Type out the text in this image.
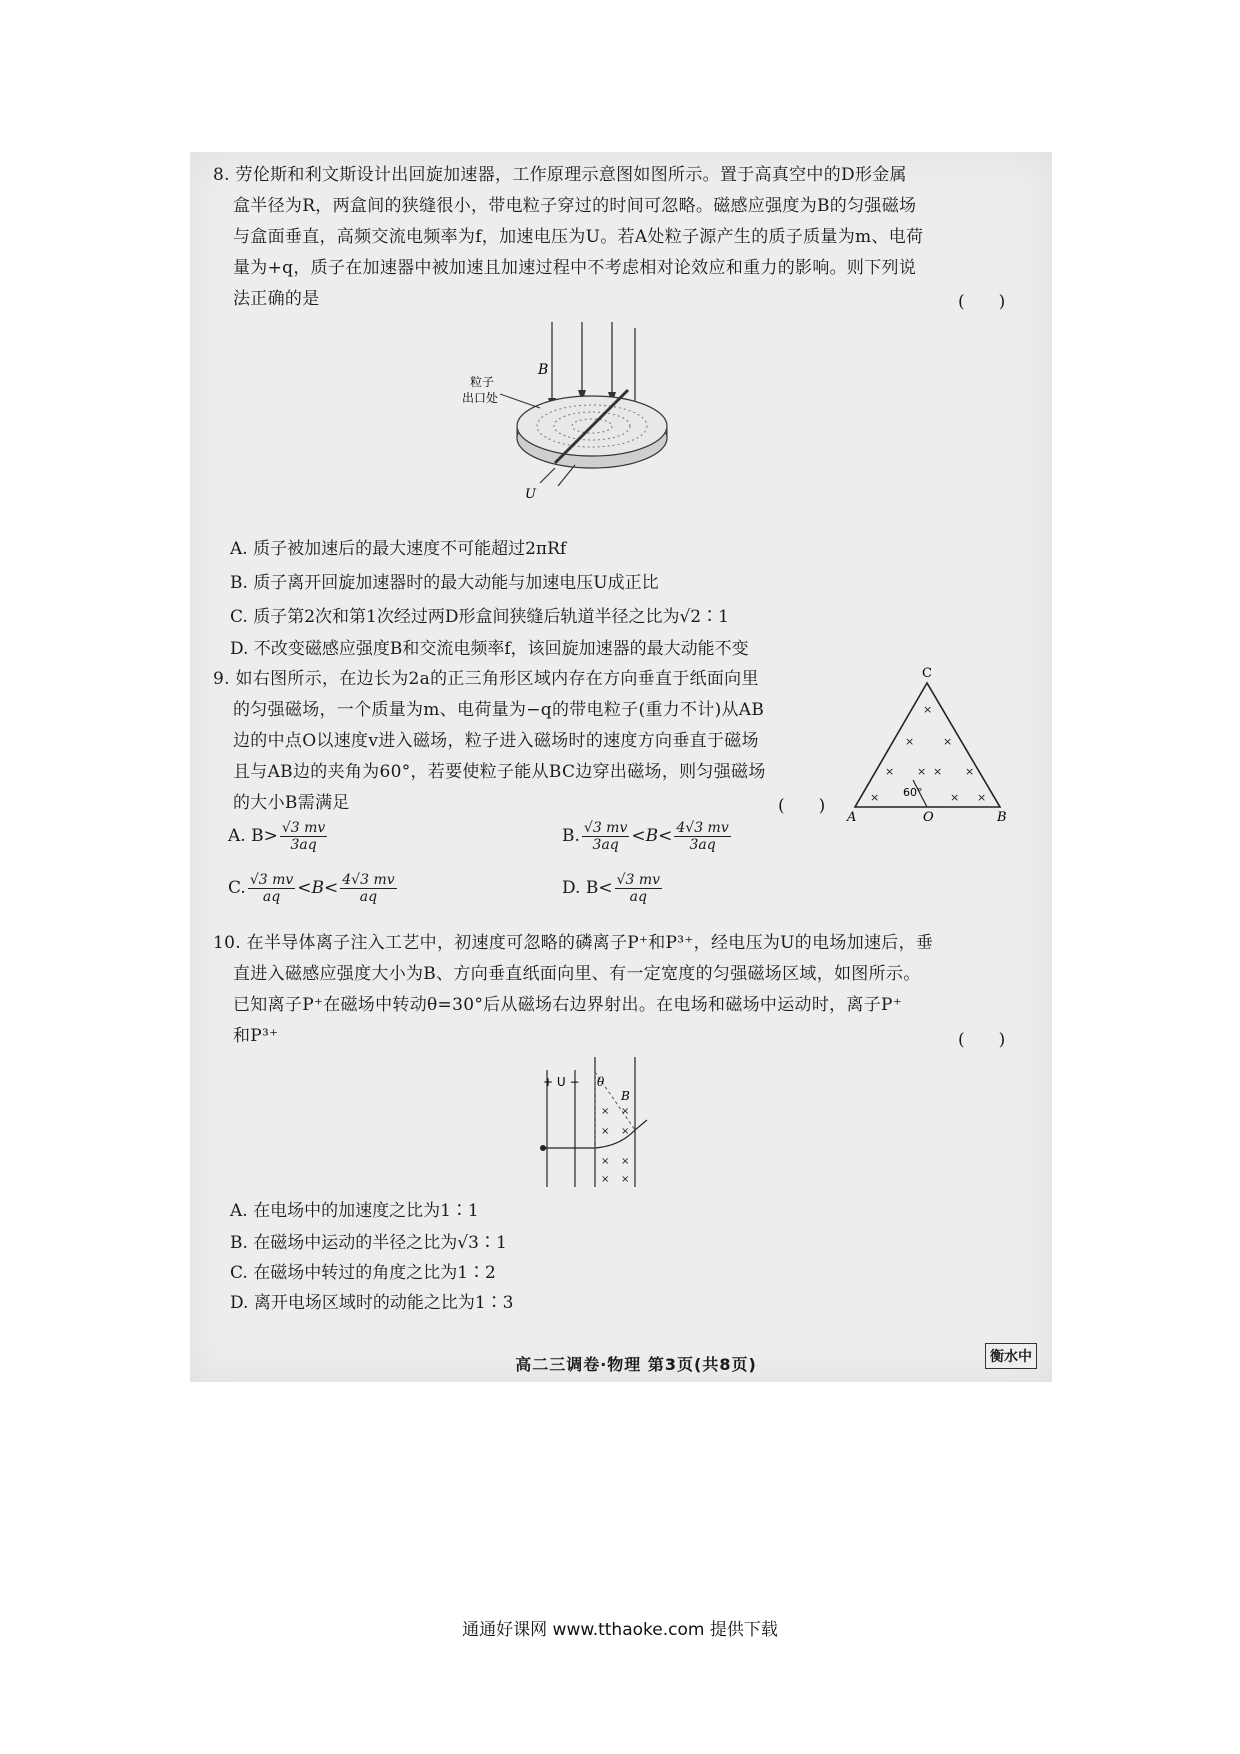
8. 劳伦斯和利文斯设计出回旋加速器，工作原理示意图如图所示。置于高真空中的D形金属
盒半径为R，两盒间的狭缝很小，带电粒子穿过的时间可忽略。磁感应强度为B的匀强磁场
与盒面垂直，高频交流电频率为f，加速电压为U。若A处粒子源产生的质子质量为m、电荷
量为+q，质子在加速器中被加速且加速过程中不考虑相对论效应和重力的影响。则下列说
法正确的是	(　　)
B
U
粒子
出口处
A. 质子被加速后的最大速度不可能超过2πRf
B. 质子离开回旋加速器时的最大动能与加速电压U成正比
C. 质子第2次和第1次经过两D形盒间狭缝后轨道半径之比为√2∶1
D. 不改变磁感应强度B和交流电频率f，该回旋加速器的最大动能不变
9. 如右图所示，在边长为2a的正三角形区域内存在方向垂直于纸面向里
的匀强磁场，一个质量为m、电荷量为−q的带电粒子(重力不计)从AB
边的中点O以速度v进入磁场，粒子进入磁场时的速度方向垂直于磁场
且与AB边的夹角为60°，若要使粒子能从BC边穿出磁场，则匀强磁场
的大小B需满足	(　　)
C
×
×	×
× × × ×
×	× ×
60°
A	O	B
A. $B> \frac{√3 mv}{3aq}$	B. $\frac{√3 mv}{3aq} <B< \frac{4√3 mv}{3aq}$
C. $\frac{√3 mv}{aq} <B< \frac{4√3 mv}{aq}$	D. $B< \frac{√3 mv}{aq}$
10. 在半导体离子注入工艺中，初速度可忽略的磷离子P⁺和P³⁺，经电压为U的电场加速后，垂
直进入磁感应强度大小为B、方向垂直纸面向里、有一定宽度的匀强磁场区域，如图所示。
已知离子P⁺在磁场中转动θ=30°后从磁场右边界射出。在电场和磁场中运动时，离子P⁺
和P³⁺	(　　)
+ U − θ
B
× ×
× ×
× ×
× ×
A. 在电场中的加速度之比为1∶1
B. 在磁场中运动的半径之比为√3∶1
C. 在磁场中转过的角度之比为1∶2
D. 离开电场区域时的动能之比为1∶3
高二三调卷·物理 第3页(共8页)	衡水中
通通好课网 www.tthaoke.com 提供下载
